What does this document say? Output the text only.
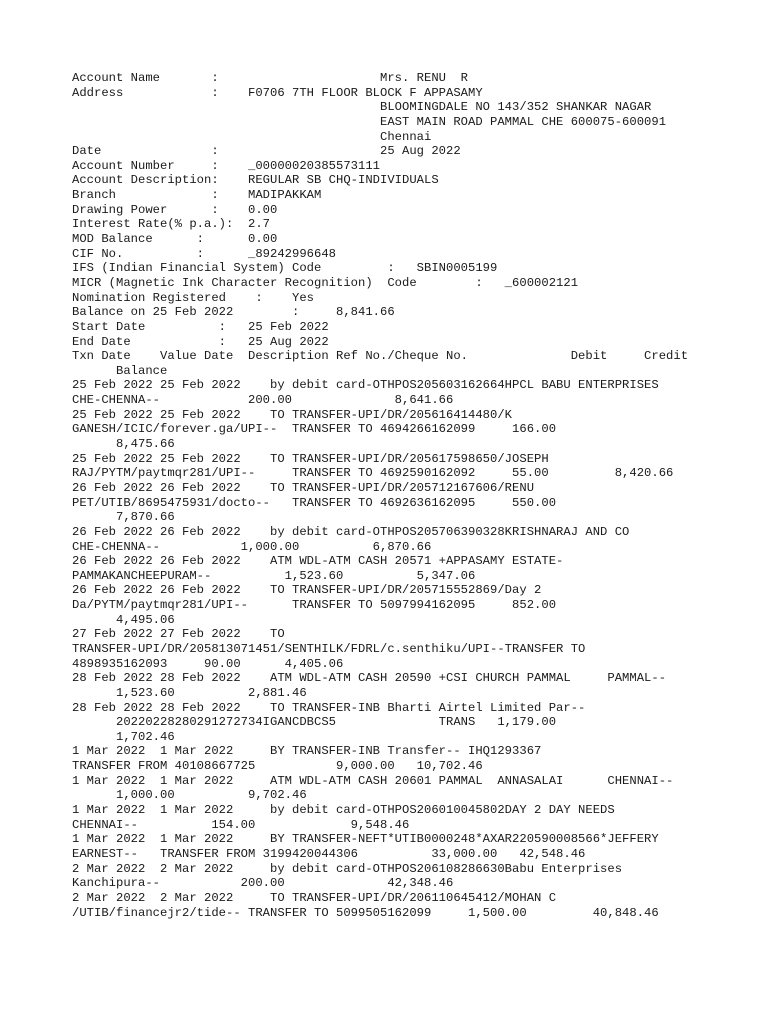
Account Name       :                      Mrs. RENU  R
Address            :    F0706 7TH FLOOR BLOCK F APPASAMY
BLOOMINGDALE NO 143/352 SHANKAR NAGAR
EAST MAIN ROAD PAMMAL CHE 600075-600091
Chennai
Date               :                      25 Aug 2022
Account Number     :    _00000020385573111
Account Description:    REGULAR SB CHQ-INDIVIDUALS
Branch             :    MADIPAKKAM
Drawing Power      :    0.00
Interest Rate(% p.a.):  2.7
MOD Balance      :      0.00
CIF No.          :      _89242996648
IFS (Indian Financial System) Code         :   SBIN0005199
MICR (Magnetic Ink Character Recognition)  Code        :   _600002121
Nomination Registered    :    Yes
Balance on 25 Feb 2022        :     8,841.66
Start Date          :   25 Feb 2022
End Date            :   25 Aug 2022
Txn Date    Value Date  Description Ref No./Cheque No.              Debit     Credit
Balance
25 Feb 2022 25 Feb 2022    by debit card-OTHPOS205603162664HPCL BABU ENTERPRISES
CHE-CHENNA--            200.00              8,641.66
25 Feb 2022 25 Feb 2022    TO TRANSFER-UPI/DR/205616414480/K
GANESH/ICIC/forever.ga/UPI--  TRANSFER TO 4694266162099     166.00
8,475.66
25 Feb 2022 25 Feb 2022    TO TRANSFER-UPI/DR/205617598650/JOSEPH
RAJ/PYTM/paytmqr281/UPI--     TRANSFER TO 4692590162092     55.00         8,420.66
26 Feb 2022 26 Feb 2022    TO TRANSFER-UPI/DR/205712167606/RENU
PET/UTIB/8695475931/docto--   TRANSFER TO 4692636162095     550.00
7,870.66
26 Feb 2022 26 Feb 2022    by debit card-OTHPOS205706390328KRISHNARAJ AND CO
CHE-CHENNA--           1,000.00          6,870.66
26 Feb 2022 26 Feb 2022    ATM WDL-ATM CASH 20571 +APPASAMY ESTATE-
PAMMAKANCHEEPURAM--          1,523.60          5,347.06
26 Feb 2022 26 Feb 2022    TO TRANSFER-UPI/DR/205715552869/Day 2
Da/PYTM/paytmqr281/UPI--      TRANSFER TO 5097994162095     852.00
4,495.06
27 Feb 2022 27 Feb 2022    TO
TRANSFER-UPI/DR/205813071451/SENTHILK/FDRL/c.senthiku/UPI--TRANSFER TO
4898935162093     90.00      4,405.06
28 Feb 2022 28 Feb 2022    ATM WDL-ATM CASH 20590 +CSI CHURCH PAMMAL     PAMMAL--
1,523.60          2,881.46
28 Feb 2022 28 Feb 2022    TO TRANSFER-INB Bharti Airtel Limited Par--
20220228280291272734IGANCDBCS5              TRANS   1,179.00
1,702.46
1 Mar 2022  1 Mar 2022     BY TRANSFER-INB Transfer-- IHQ1293367
TRANSFER FROM 40108667725           9,000.00   10,702.46
1 Mar 2022  1 Mar 2022     ATM WDL-ATM CASH 20601 PAMMAL  ANNASALAI      CHENNAI--
1,000.00          9,702.46
1 Mar 2022  1 Mar 2022     by debit card-OTHPOS206010045802DAY 2 DAY NEEDS
CHENNAI--          154.00             9,548.46
1 Mar 2022  1 Mar 2022     BY TRANSFER-NEFT*UTIB0000248*AXAR220590008566*JEFFERY
EARNEST--   TRANSFER FROM 3199420044306          33,000.00   42,548.46
2 Mar 2022  2 Mar 2022     by debit card-OTHPOS206108286630Babu Enterprises
Kanchipura--           200.00              42,348.46
2 Mar 2022  2 Mar 2022     TO TRANSFER-UPI/DR/206110645412/MOHAN C
/UTIB/financejr2/tide-- TRANSFER TO 5099505162099     1,500.00         40,848.46
